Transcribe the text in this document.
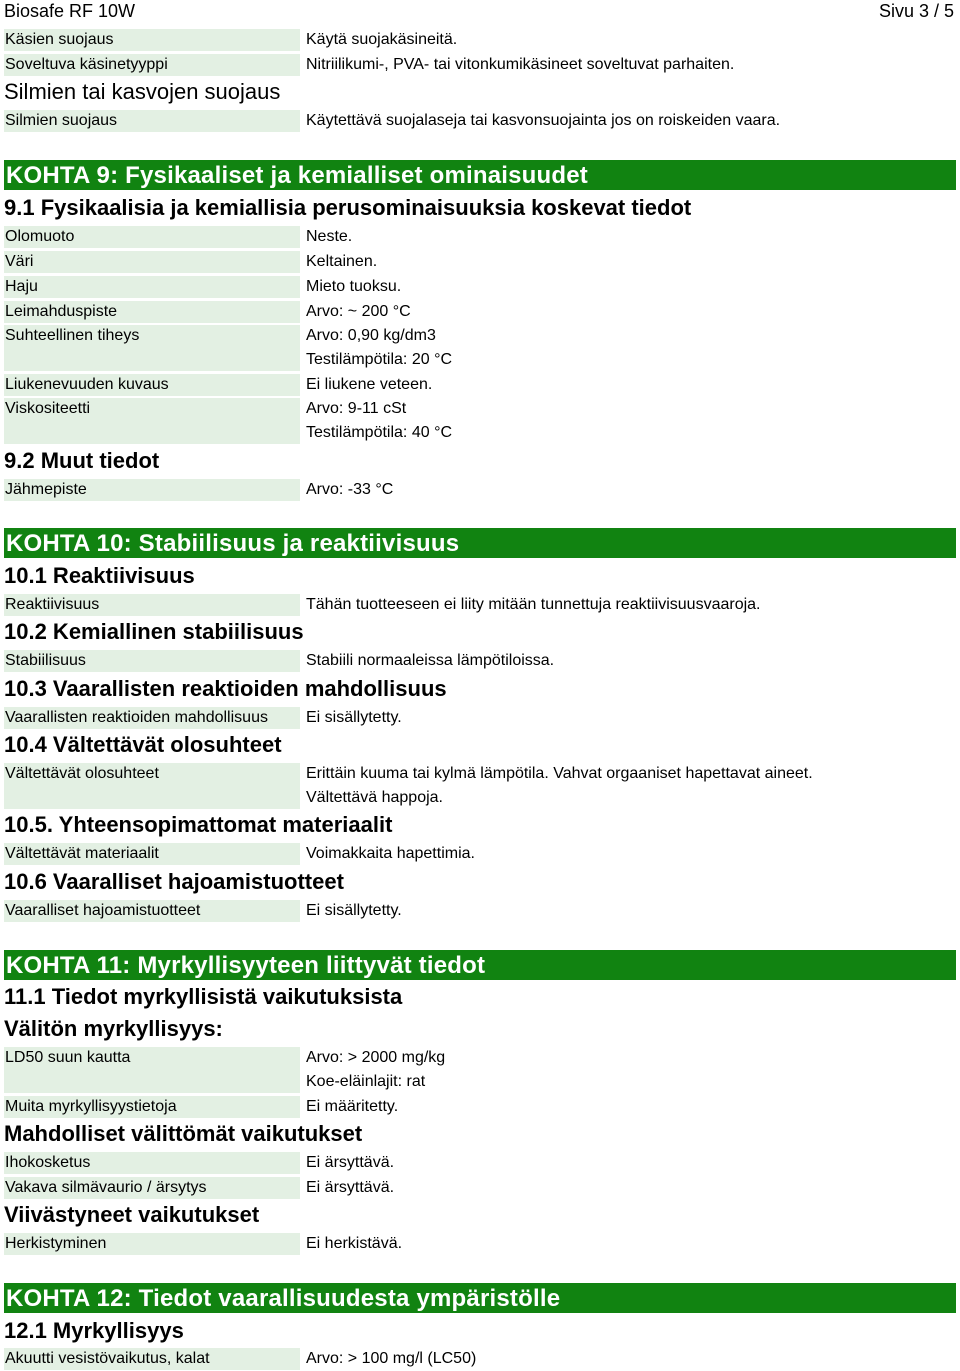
Biosafe RF 10W	Sivu 3 / 5
Käsien suojaus	Käytä suojakäsineitä.
Soveltuva käsinetyyppi	Nitriilikumi-, PVA- tai vitonkumikäsineet soveltuvat parhaiten.
Silmien tai kasvojen suojaus
Silmien suojaus	Käytettävä suojalaseja tai kasvonsuojainta jos on roiskeiden vaara.
KOHTA 9: Fysikaaliset ja kemialliset ominaisuudet
9.1 Fysikaalisia ja kemiallisia perusominaisuuksia koskevat tiedot
Olomuoto	Neste.
Väri	Keltainen.
Haju	Mieto tuoksu.
Leimahduspiste	Arvo: ~ 200 °C
Suhteellinen tiheys	Arvo: 0,90 kg/dm3
Testilämpötila: 20 °C
Liukenevuuden kuvaus	Ei liukene veteen.
Viskositeetti	Arvo: 9-11 cSt
Testilämpötila: 40 °C
9.2 Muut tiedot
Jähmepiste	Arvo: -33 °C
KOHTA 10: Stabiilisuus ja reaktiivisuus
10.1 Reaktiivisuus
Reaktiivisuus	Tähän tuotteeseen ei liity mitään tunnettuja reaktiivisuusvaaroja.
10.2 Kemiallinen stabiilisuus
Stabiilisuus	Stabiili normaaleissa lämpötiloissa.
10.3 Vaarallisten reaktioiden mahdollisuus
Vaarallisten reaktioiden mahdollisuus	Ei sisällytetty.
10.4 Vältettävät olosuhteet
Vältettävät olosuhteet	Erittäin kuuma tai kylmä lämpötila. Vahvat orgaaniset hapettavat aineet.
Vältettävä happoja.
10.5. Yhteensopimattomat materiaalit
Vältettävät materiaalit	Voimakkaita hapettimia.
10.6 Vaaralliset hajoamistuotteet
Vaaralliset hajoamistuotteet	Ei sisällytetty.
KOHTA 11: Myrkyllisyyteen liittyvät tiedot
11.1 Tiedot myrkyllisistä vaikutuksista
Välitön myrkyllisyys:
LD50 suun kautta	Arvo: > 2000 mg/kg
Koe-eläinlajit: rat
Muita myrkyllisyystietoja	Ei määritetty.
Mahdolliset välittömät vaikutukset
Ihokosketus	Ei ärsyttävä.
Vakava silmävaurio / ärsytys	Ei ärsyttävä.
Viivästyneet vaikutukset
Herkistyminen	Ei herkistävä.
KOHTA 12: Tiedot vaarallisuudesta ympäristölle
12.1 Myrkyllisyys
Akuutti vesistövaikutus, kalat	Arvo: > 100 mg/l (LC50)
